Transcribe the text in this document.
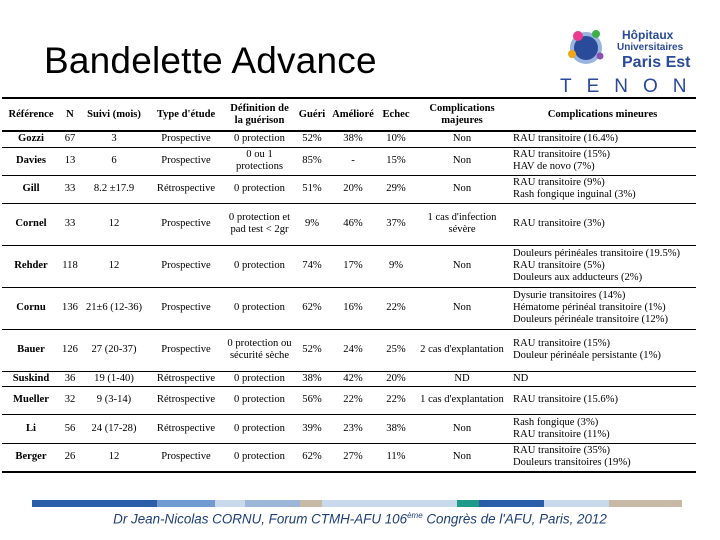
Bandelette Advance
Hôpitaux
Universitaires
Paris Est
TENON
Référence	N	Suivi (mois)	Type d'étude	Définition de la guérison	Guéri	Amélioré	Echec	Complications majeures	Complications mineures
Gozzi	67	3	Prospective	0 protection	52%	38%	10%	Non	RAU transitoire (16.4%)

Davies	13	6	Prospective	0 ou 1 protections	85%	-	15%	Non	RAU transitoire (15%)
HAV de novo (7%)

Gill	33	8.2 ±17.9	Rétrospective	0 protection	51%	20%	29%	Non	RAU transitoire (9%)
Rash fongique inguinal (3%)

Cornel	33	12	Prospective	0 protection et pad test < 2gr	9%	46%	37%	1 cas d'infection sévère	RAU transitoire (3%)

Rehder	118	12	Prospective	0 protection	74%	17%	9%	Non	Douleurs périnéales transitoire (19.5%)
RAU transitoire (5%)
Douleurs aux adducteurs (2%)

Cornu	136	21±6 (12-36)	Prospective	0 protection	62%	16%	22%	Non	Dysurie transitoires (14%)
Hématome périnéal transitoire (1%)
Douleurs périnéale transitoire (12%)

Bauer	126	27 (20-37)	Prospective	0 protection ou sécurité sèche	52%	24%	25%	2 cas d'explantation	RAU transitoire (15%)
Douleur périnéale persistante (1%)

Suskind	36	19 (1-40)	Rétrospective	0 protection	38%	42%	20%	ND	ND

Mueller	32	9 (3-14)	Rétrospective	0 protection	56%	22%	22%	1 cas d'explantation	RAU transitoire (15.6%)

Li	56	24 (17-28)	Rétrospective	0 protection	39%	23%	38%	Non	Rash fongique (3%)
RAU transitoire (11%)

Berger	26	12	Prospective	0 protection	62%	27%	11%	Non	RAU transitoire (35%)
Douleurs transitoires (19%)
Dr Jean-Nicolas CORNU, Forum CTMH-AFU 106ème Congrès de l'AFU, Paris, 2012
